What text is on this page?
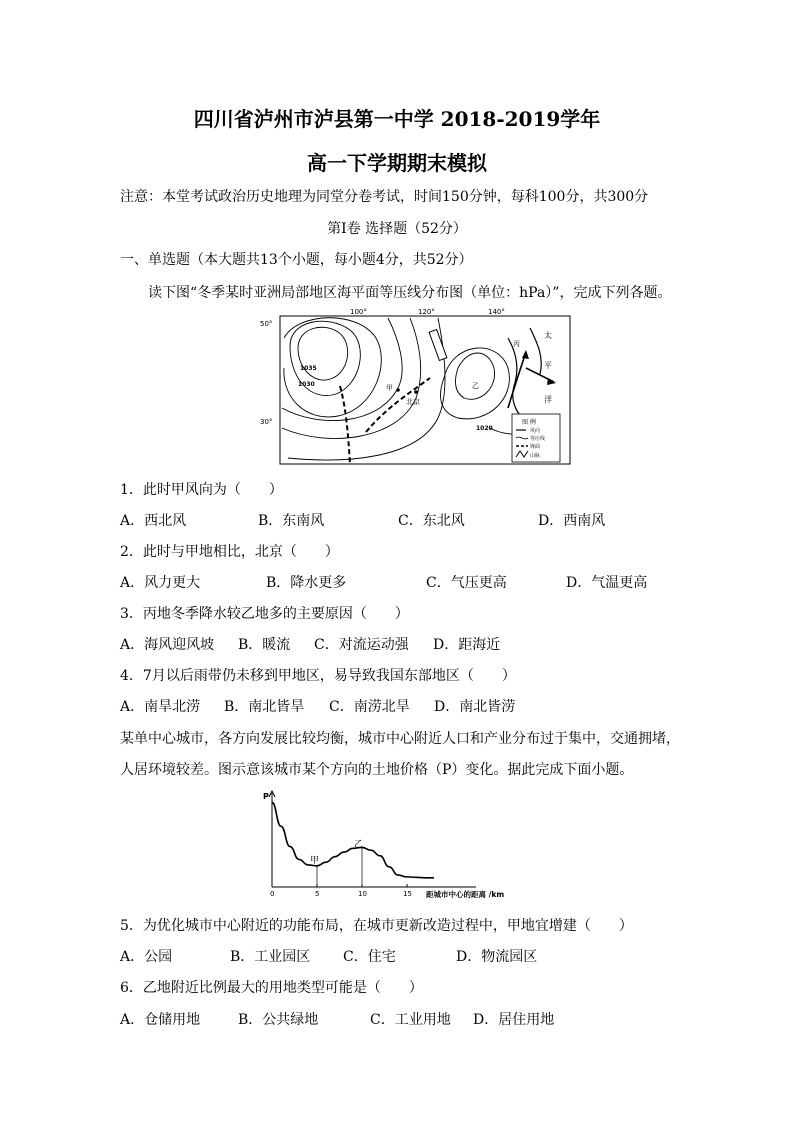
四川省泸州市泸县第一中学 2018-2019学年
高一下学期期末模拟
注意：本堂考试政治历史地理为同堂分卷考试，时间150分钟，每科100分，共300分
第Ⅰ卷 选择题（52分）
一、单选题（本大题共13个小题，每小题4分，共52分）
读下图“冬季某时亚洲局部地区海平面等压线分布图（单位：hPa）”，完成下列各题。
100°	120°	140°
50°
30°
1035
1030
1020
甲
北京
丙
乙
太
平
洋
图 例
风向
等压线
锋面
山脉
1．此时甲风向为（　　）
A．西北风	B．东南风	C．东北风	D．西南风
2．此时与甲地相比，北京（　　）
A．风力更大	B．降水更多	C．气压更高	D．气温更高
3．丙地冬季降水较乙地多的主要原因（　　）
A．海风迎风坡 B．暖流 C．对流运动强 D．距海近
4．7月以后雨带仍未移到甲地区，易导致我国东部地区（　　）
A．南旱北涝 B．南北皆旱 C．南涝北旱 D．南北皆涝
某单中心城市，各方向发展比较均衡，城市中心附近人口和产业分布过于集中，交通拥堵，
人居环境较差。图示意该城市某个方向的土地价格（P）变化。据此完成下面小题。
P
距城市中心的距离 /km
0	5	10	15
甲
乙
5．为优化城市中心附近的功能布局，在城市更新改造过程中，甲地宜增建（　　）
A．公园	B．工业园区 C．住宅	D．物流园区
6．乙地附近比例最大的用地类型可能是（　　）
A．仓储用地	B．公共绿地	C．工业用地 D．居住用地
